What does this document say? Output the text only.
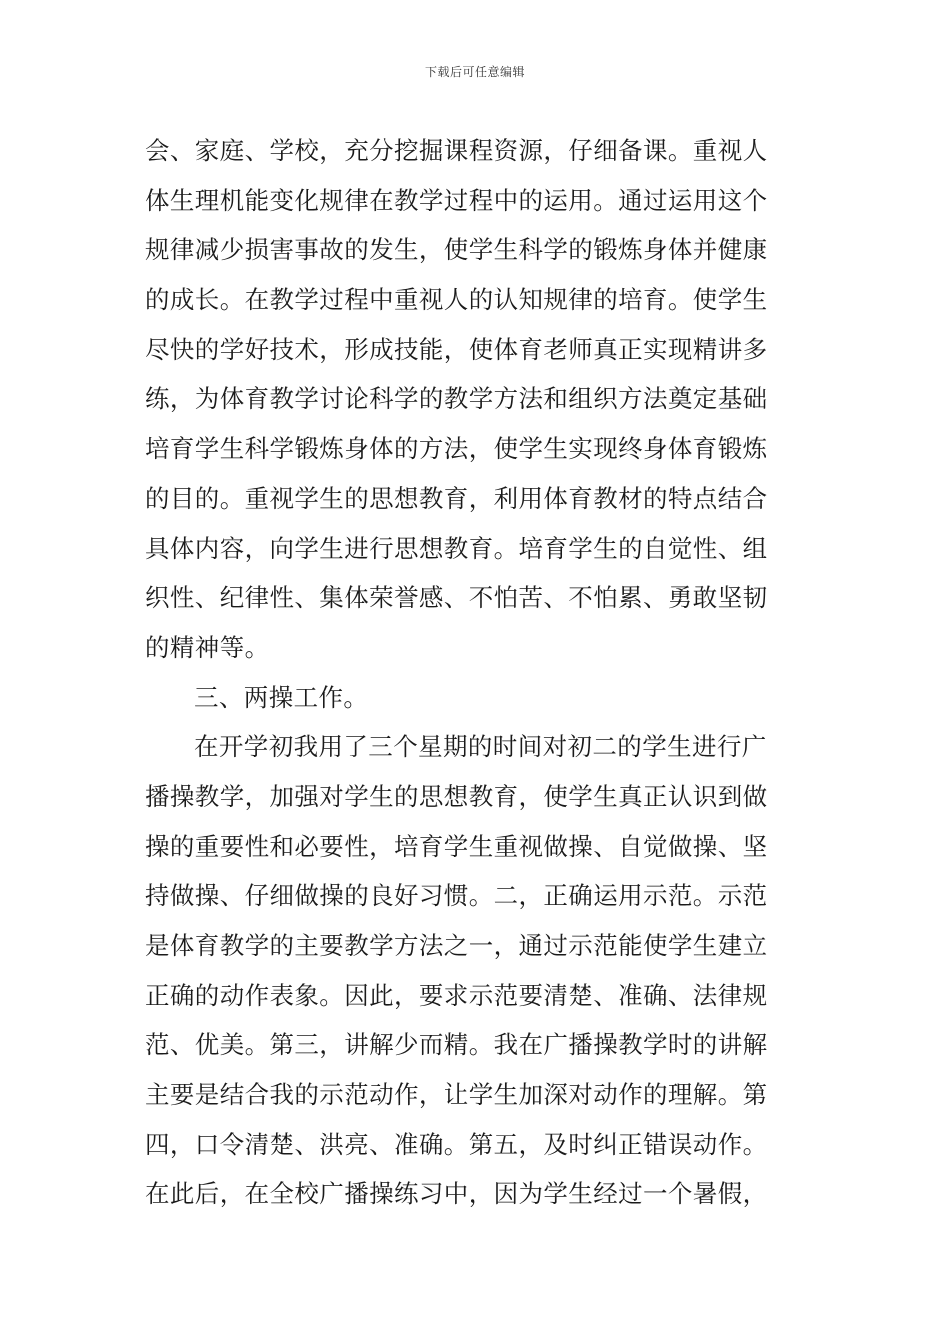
下载后可任意编辑
会、家庭、学校，充分挖掘课程资源，仔细备课。重视人
体生理机能变化规律在教学过程中的运用。通过运用这个
规律减少损害事故的发生，使学生科学的锻炼身体并健康
的成长。在教学过程中重视人的认知规律的培育。使学生
尽快的学好技术，形成技能，使体育老师真正实现精讲多
练，为体育教学讨论科学的教学方法和组织方法奠定基础
培育学生科学锻炼身体的方法，使学生实现终身体育锻炼
的目的。重视学生的思想教育，利用体育教材的特点结合
具体内容，向学生进行思想教育。培育学生的自觉性、组
织性、纪律性、集体荣誉感、不怕苦、不怕累、勇敢坚韧
的精神等。
三、两操工作。
在开学初我用了三个星期的时间对初二的学生进行广
播操教学，加强对学生的思想教育，使学生真正认识到做
操的重要性和必要性，培育学生重视做操、自觉做操、坚
持做操、仔细做操的良好习惯。二，正确运用示范。示范
是体育教学的主要教学方法之一，通过示范能使学生建立
正确的动作表象。因此，要求示范要清楚、准确、法律规
范、优美。第三，讲解少而精。我在广播操教学时的讲解
主要是结合我的示范动作，让学生加深对动作的理解。第
四，口令清楚、洪亮、准确。第五，及时纠正错误动作。
在此后，在全校广播操练习中，因为学生经过一个暑假，
